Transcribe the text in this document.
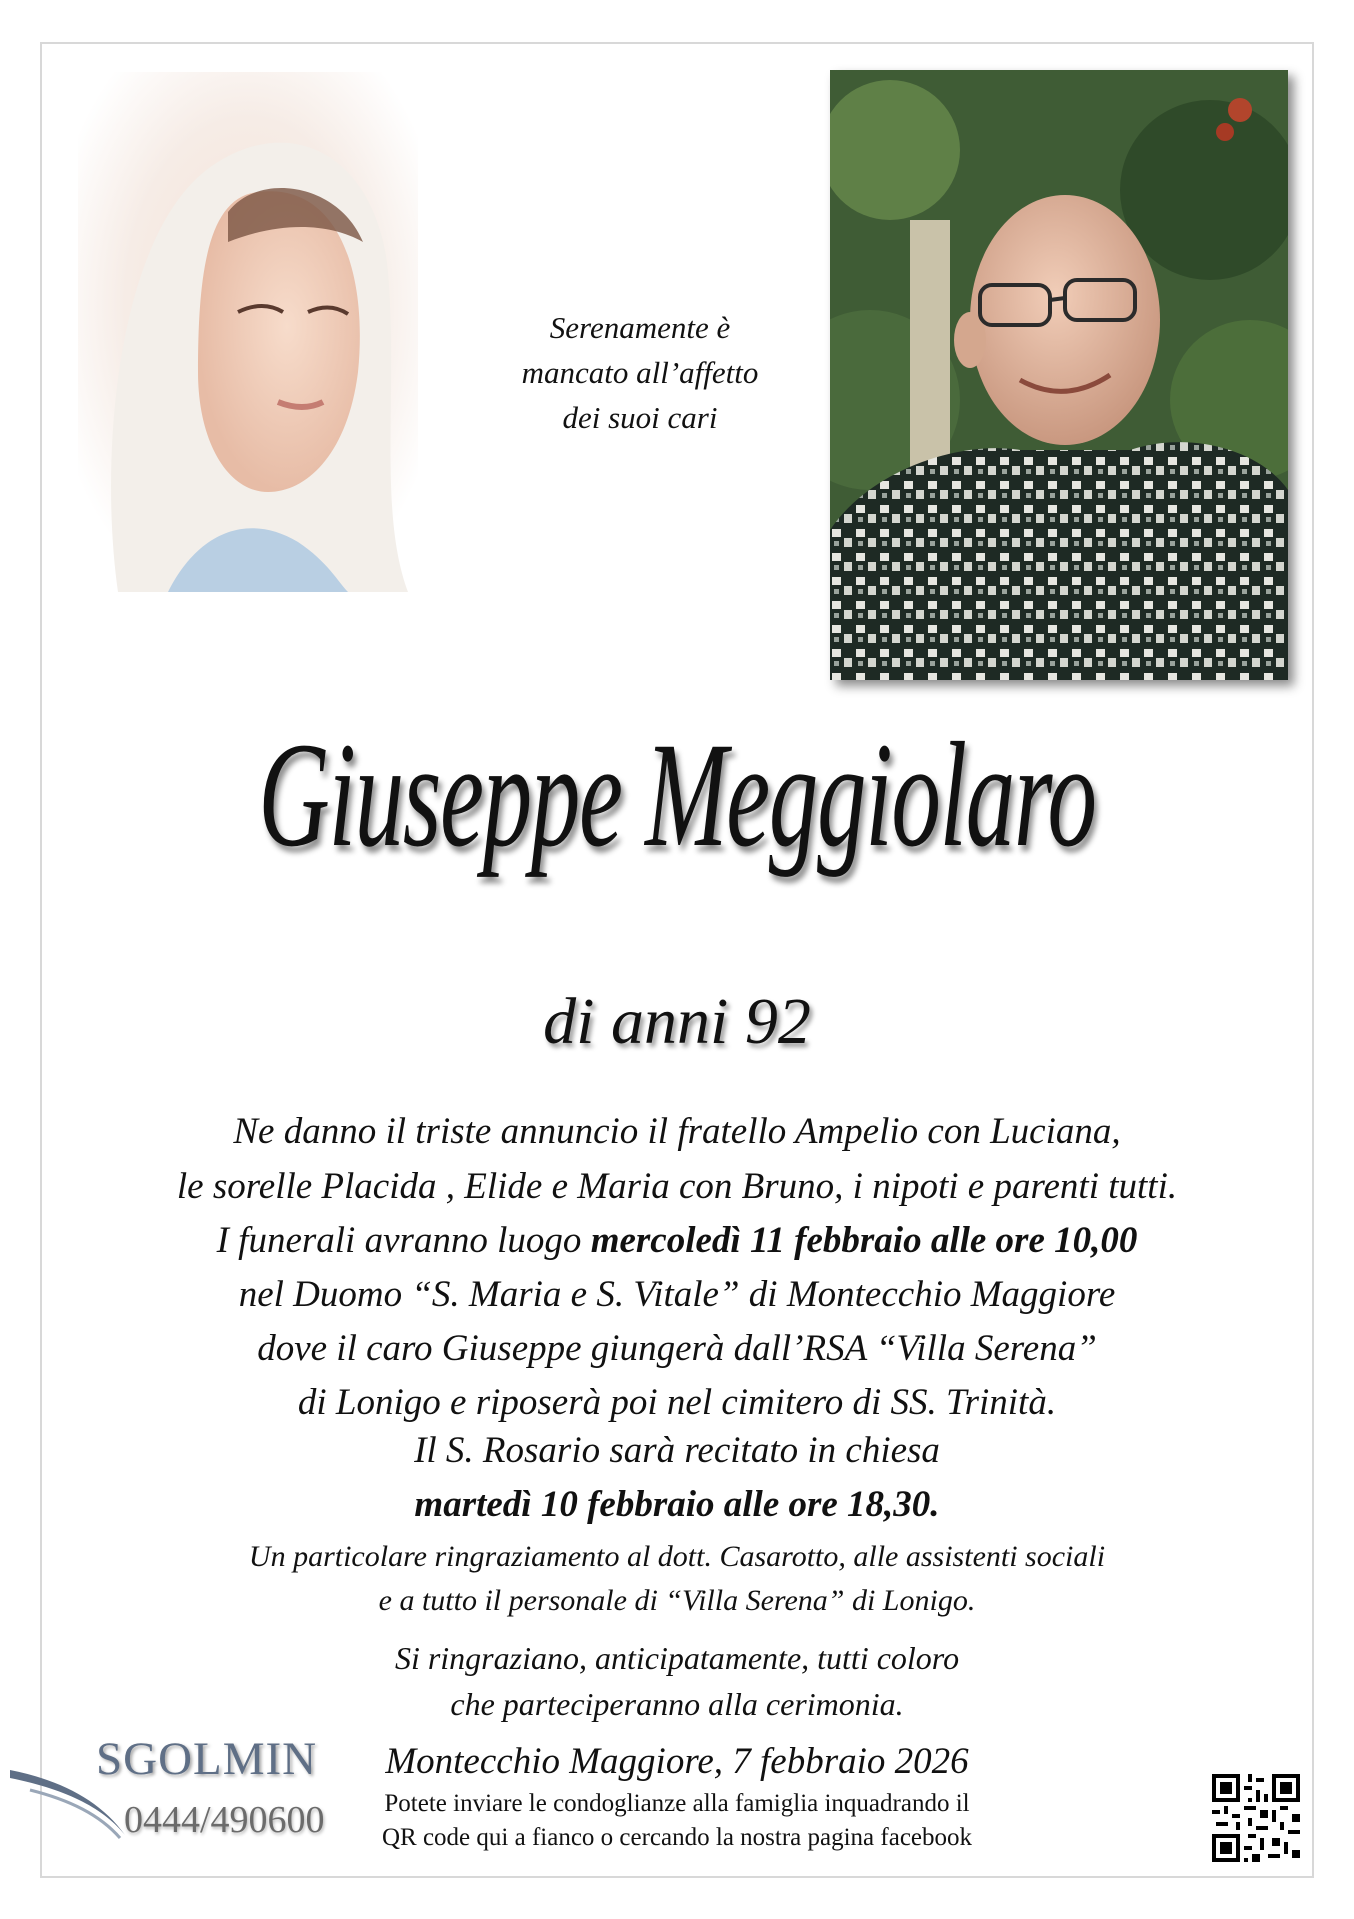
Serenamente è
mancato all’affetto
dei suoi cari
Giuseppe Meggiolaro
di anni 92
Ne danno il triste annuncio il fratello Ampelio con Luciana,
le sorelle Placida , Elide e Maria con Bruno, i nipoti e parenti tutti.
I funerali avranno luogo mercoledì 11 febbraio alle ore 10,00
nel Duomo “S. Maria e S. Vitale” di Montecchio Maggiore
dove il caro Giuseppe giungerà dall’RSA “Villa Serena”
di Lonigo e riposerà poi nel cimitero di SS. Trinità.
Il S. Rosario sarà recitato in chiesa
martedì 10 febbraio alle ore 18,30.
Un particolare ringraziamento al dott. Casarotto, alle assistenti sociali
e a tutto il personale di “Villa Serena” di Lonigo.
Si ringraziano, anticipatamente, tutti coloro
che parteciperanno alla cerimonia.
Montecchio Maggiore, 7 febbraio 2026
Potete inviare le condoglianze alla famiglia inquadrando il
QR code qui a fianco o cercando la nostra pagina facebook
SGOLMIN
0444/490600
